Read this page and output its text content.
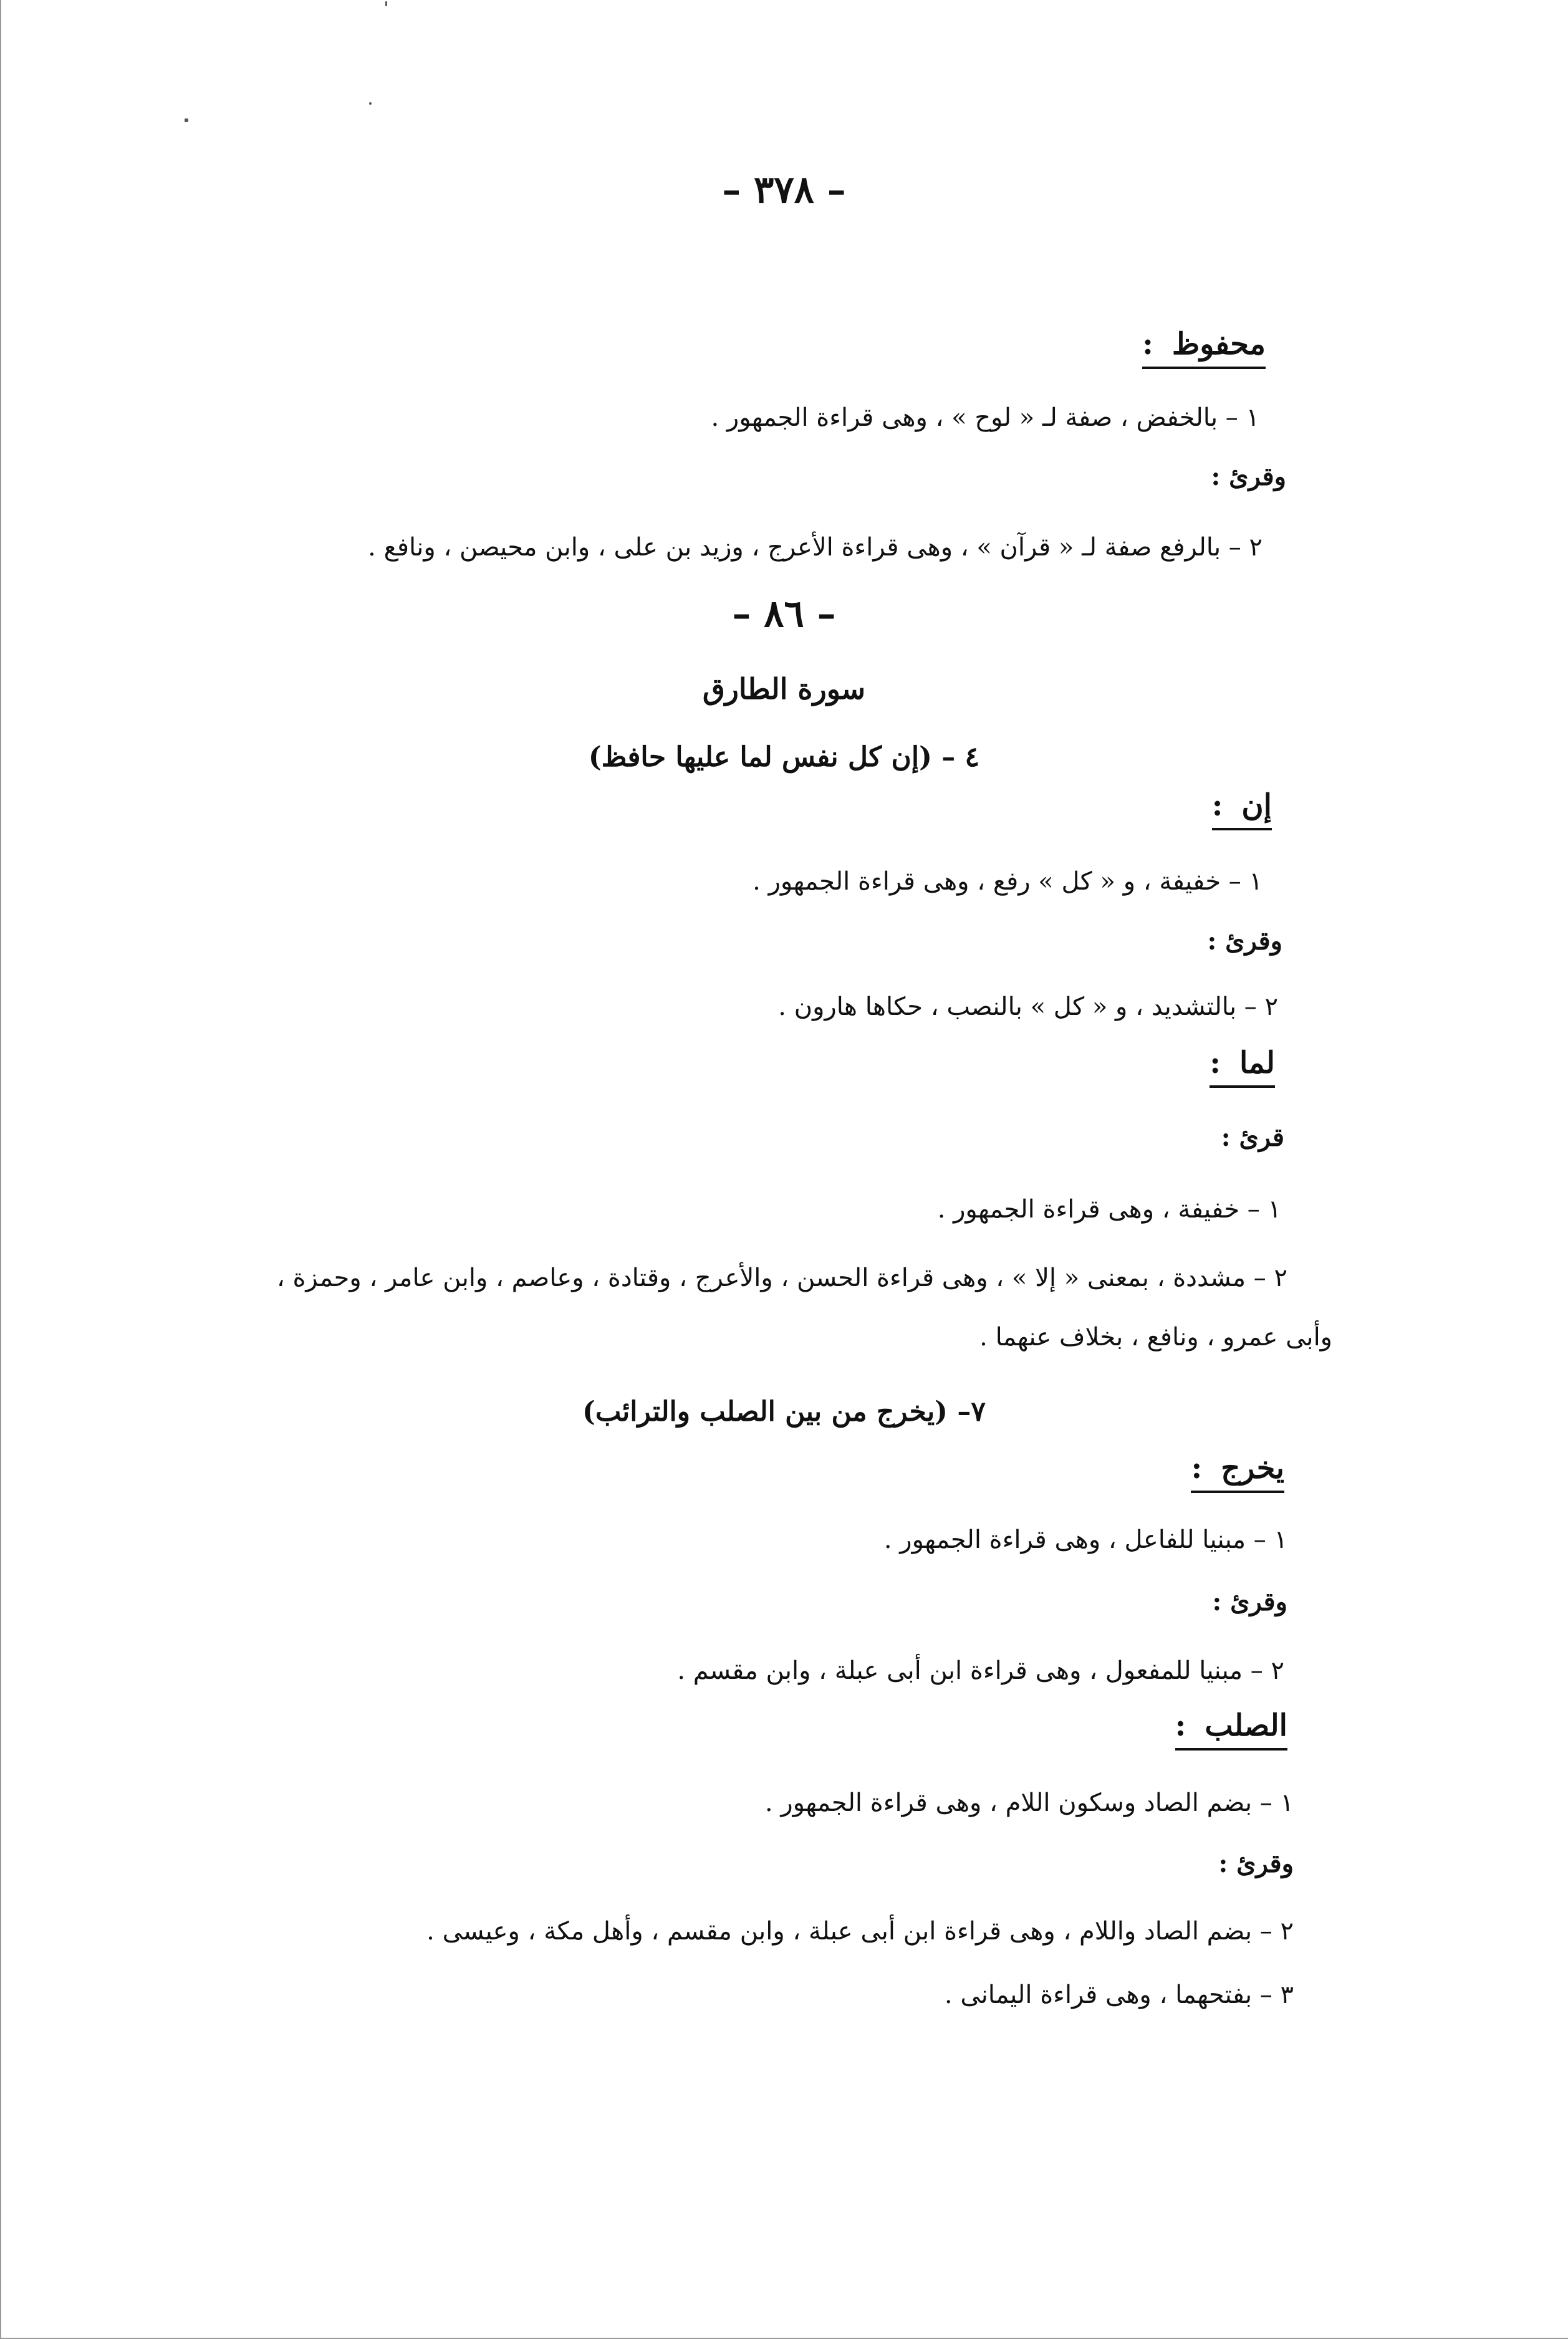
– ٣٧٨ –
محفوظ:
١ – بالخفض ، صفة لـ « لوح » ، وهى قراءة الجمهور .
وقرئ :
٢ – بالرفع صفة لـ « قرآن » ، وهى قراءة الأعرج ، وزيد بن على ، وابن محيصن ، ونافع .
– ٨٦ –
سورة الطارق
٤ – (إن كل نفس لما عليها حافظ)
إن:
١ – خفيفة ، و « كل » رفع ، وهى قراءة الجمهور .
وقرئ :
٢ – بالتشديد ، و « كل » بالنصب ، حكاها هارون .
لما:
قرئ :
١ – خفيفة ، وهى قراءة الجمهور .
٢ – مشددة ، بمعنى « إلا » ، وهى قراءة الحسن ، والأعرج ، وقتادة ، وعاصم ، وابن عامر ، وحمزة ،
وأبى عمرو ، ونافع ، بخلاف عنهما .
٧– (يخرج من بين الصلب والترائب)
يخرج:
١ – مبنيا للفاعل ، وهى قراءة الجمهور .
وقرئ :
٢ – مبنيا للمفعول ، وهى قراءة ابن أبى عبلة ، وابن مقسم .
الصلب:
١ – بضم الصاد وسكون اللام ، وهى قراءة الجمهور .
وقرئ :
٢ – بضم الصاد واللام ، وهى قراءة ابن أبى عبلة ، وابن مقسم ، وأهل مكة ، وعيسى .
٣ – بفتحهما ، وهى قراءة اليمانى .
